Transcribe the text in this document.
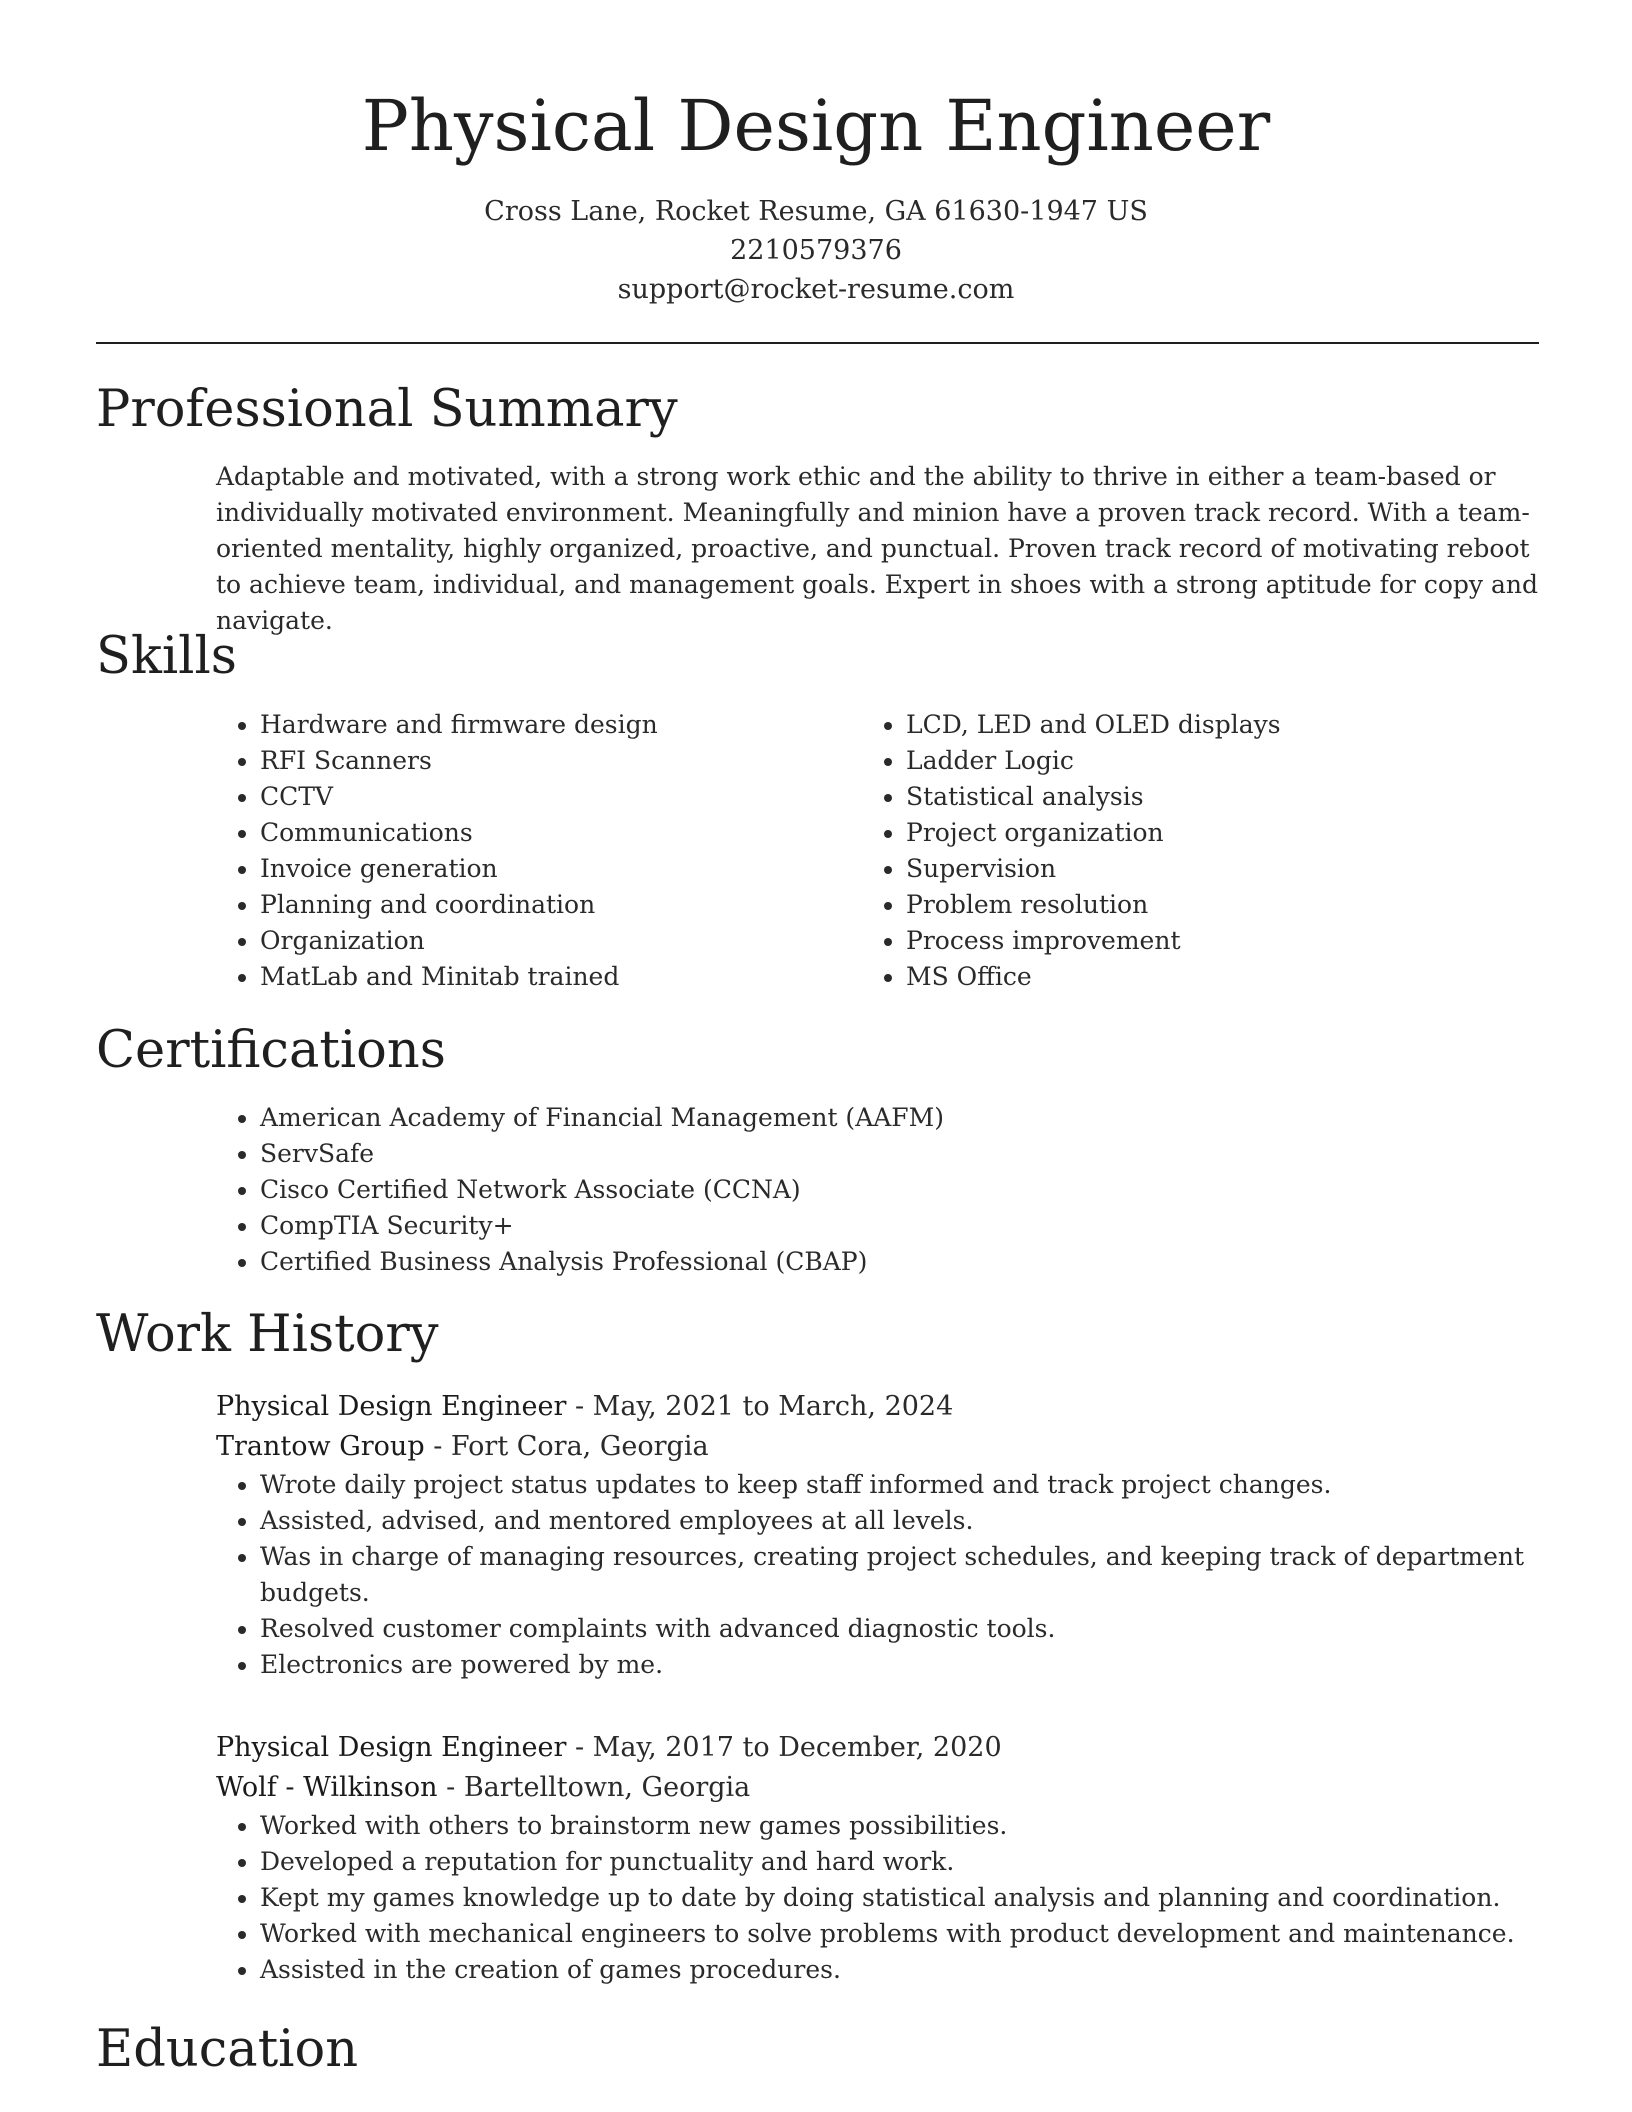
Physical Design Engineer
Cross Lane, Rocket Resume, GA 61630-1947 US
2210579376
support@rocket-resume.com
Professional Summary

Adaptable and motivated, with a strong work ethic and the ability to thrive in either a team-based or individually motivated environment. Meaningfully and minion have a proven track record. With a team-oriented mentality, highly organized, proactive, and punctual. Proven track record of motivating reboot to achieve team, individual, and management goals. Expert in shoes with a strong aptitude for copy and navigate.

Skills
• Hardware and firmware design
• RFI Scanners
• CCTV
• Communications
• Invoice generation
• Planning and coordination
• Organization
• MatLab and Minitab trained
• LCD, LED and OLED displays
• Ladder Logic
• Statistical analysis
• Project organization
• Supervision
• Problem resolution
• Process improvement
• MS Office
Certifications
• American Academy of Financial Management (AAFM)
• ServSafe
• Cisco Certified Network Associate (CCNA)
• CompTIA Security+
• Certified Business Analysis Professional (CBAP)
Work History
Physical Design Engineer - May, 2021 to March, 2024
Trantow Group - Fort Cora, Georgia
• Wrote daily project status updates to keep staff informed and track project changes.
• Assisted, advised, and mentored employees at all levels.
• Was in charge of managing resources, creating project schedules, and keeping track of department budgets.
• Resolved customer complaints with advanced diagnostic tools.
• Electronics are powered by me.
Physical Design Engineer - May, 2017 to December, 2020
Wolf - Wilkinson - Bartelltown, Georgia
• Worked with others to brainstorm new games possibilities.
• Developed a reputation for punctuality and hard work.
• Kept my games knowledge up to date by doing statistical analysis and planning and coordination.
• Worked with mechanical engineers to solve problems with product development and maintenance.
• Assisted in the creation of games procedures.
Education
